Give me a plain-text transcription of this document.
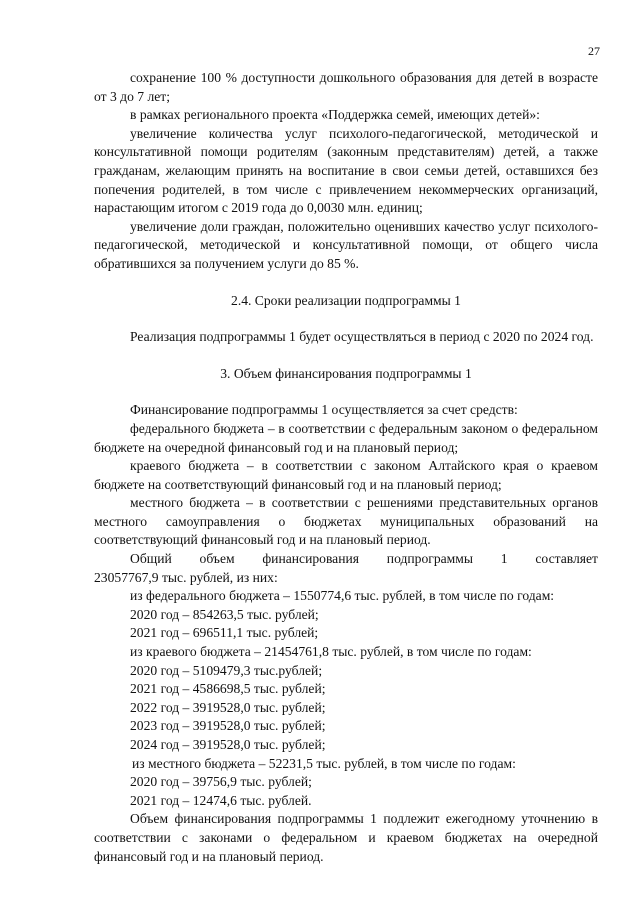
27

сохранение 100 % доступности дошкольного образования для детей в возрасте от 3 до 7 лет;

в рамках регионального проекта «Поддержка семей, имеющих детей»:

увеличение количества услуг психолого-педагогической, методической и консультативной помощи родителям (законным представителям) детей, а также гражданам, желающим принять на воспитание в свои семьи детей, оставшихся без попечения родителей, в том числе с привлечением некоммерческих организаций, нарастающим итогом с 2019 года до 0,0030 млн. единиц;

увеличение доли граждан, положительно оценивших качество услуг психолого-педагогической, методической и консультативной помощи, от общего числа обратившихся за получением услуги до 85 %.

2.4. Сроки реализации подпрограммы 1

Реализация подпрограммы 1 будет осуществляться в период с 2020 по 2024 год.

3. Объем финансирования подпрограммы 1

Финансирование подпрограммы 1 осуществляется за счет средств:

федерального бюджета – в соответствии с федеральным законом о федеральном бюджете на очередной финансовый год и на плановый период;

краевого бюджета – в соответствии с законом Алтайского края о краевом бюджете на соответствующий финансовый год и на плановый период;

местного бюджета – в соответствии с решениями представительных органов местного самоуправления о бюджетах муниципальных образований на соответствующий финансовый год и на плановый период.

Общий объем финансирования подпрограммы 1 составляет

23057767,9 тыс. рублей, из них:

из федерального бюджета – 1550774,6 тыс. рублей, в том числе по годам:

2020 год – 854263,5 тыс. рублей;

2021 год – 696511,1 тыс. рублей;

из краевого бюджета – 21454761,8 тыс. рублей, в том числе по годам:

2020 год – 5109479,3 тыс.рублей;

2021 год – 4586698,5 тыс. рублей;

2022 год – 3919528,0 тыс. рублей;

2023 год – 3919528,0 тыс. рублей;

2024 год – 3919528,0 тыс. рублей;

из местного бюджета – 52231,5 тыс. рублей, в том числе по годам:

2020 год – 39756,9 тыс. рублей;

2021 год – 12474,6 тыс. рублей.

Объем финансирования подпрограммы 1 подлежит ежегодному уточнению в соответствии с законами о федеральном и краевом бюджетах на очередной финансовый год и на плановый период.
